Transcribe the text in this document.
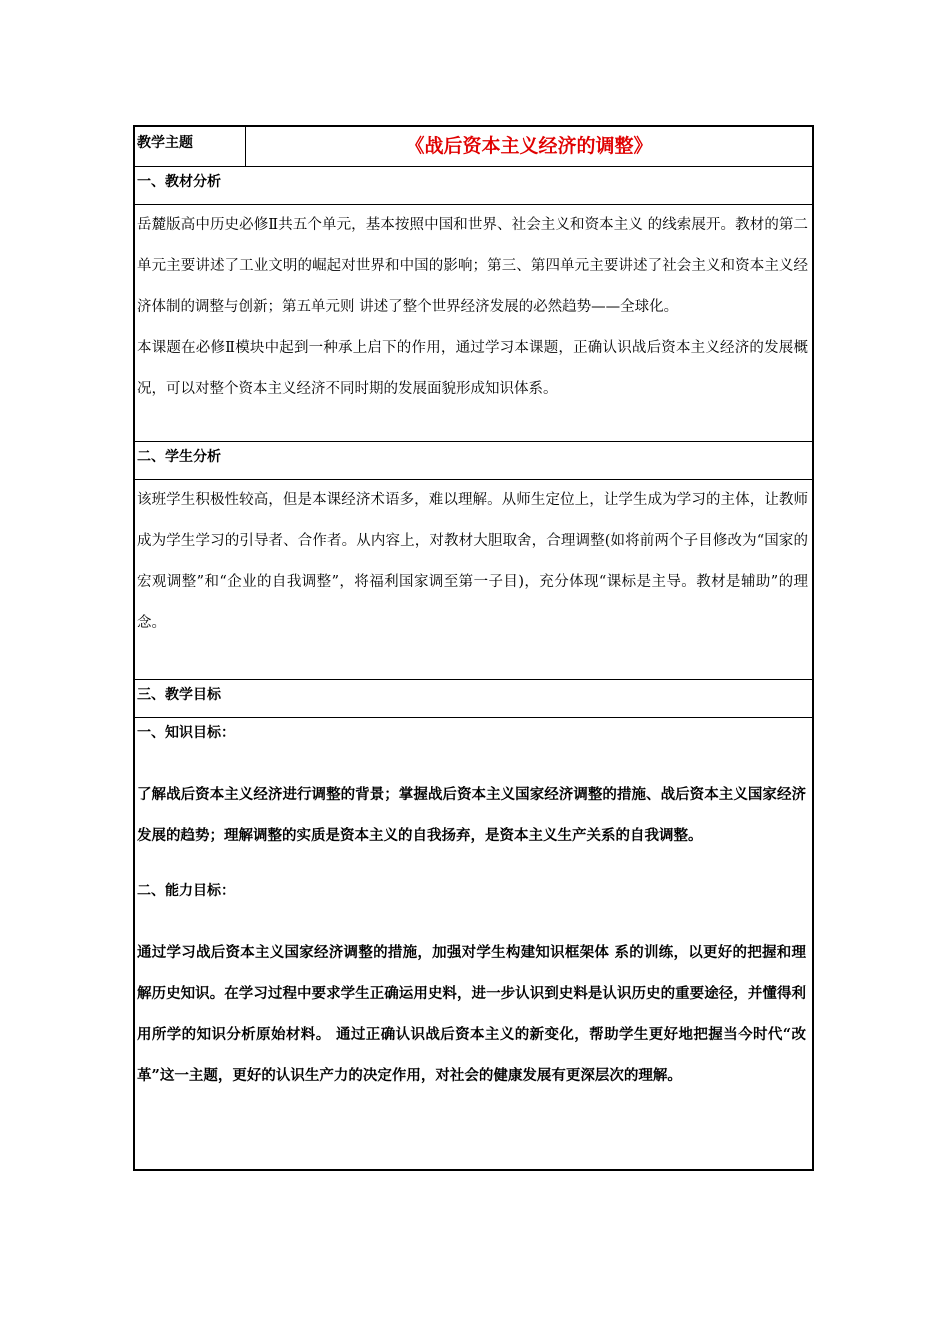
教学主题	《战后资本主义经济的调整》
一、教材分析

岳麓版高中历史必修Ⅱ共五个单元，基本按照中国和世界、社会主义和资本主义 的线索展开。教材的第二单元主要讲述了工业文明的崛起对世界和中国的影响；第三、第四单元主要讲述了社会主义和资本主义经济体制的调整与创新；第五单元则 讲述了整个世界经济发展的必然趋势——全球化。

本课题在必修Ⅱ模块中起到一种承上启下的作用，通过学习本课题，正确认识战后资本主义经济的发展概况，可以对整个资本主义经济不同时期的发展面貌形成知识体系。

二、学生分析

该班学生积极性较高，但是本课经济术语多，难以理解。从师生定位上，让学生成为学习的主体，让教师成为学生学习的引导者、合作者。从内容上，对教材大胆取舍，合理调整(如将前两个子目修改为“国家的宏观调整”和“企业的自我调整”，将福利国家调至第一子目)，充分体现“课标是主导。教材是辅助”的理念。

三、教学目标

一、知识目标：

了解战后资本主义经济进行调整的背景；掌握战后资本主义国家经济调整的措施、战后资本主义国家经济发展的趋势；理解调整的实质是资本主义的自我扬弃，是资本主义生产关系的自我调整。

二、能力目标：

通过学习战后资本主义国家经济调整的措施，加强对学生构建知识框架体 系的训练，以更好的把握和理解历史知识。在学习过程中要求学生正确运用史料，进一步认识到史料是认识历史的重要途径，并懂得利用所学的知识分析原始材料。 通过正确认识战后资本主义的新变化，帮助学生更好地把握当今时代“改革”这一主题，更好的认识生产力的决定作用，对社会的健康发展有更深层次的理解。
